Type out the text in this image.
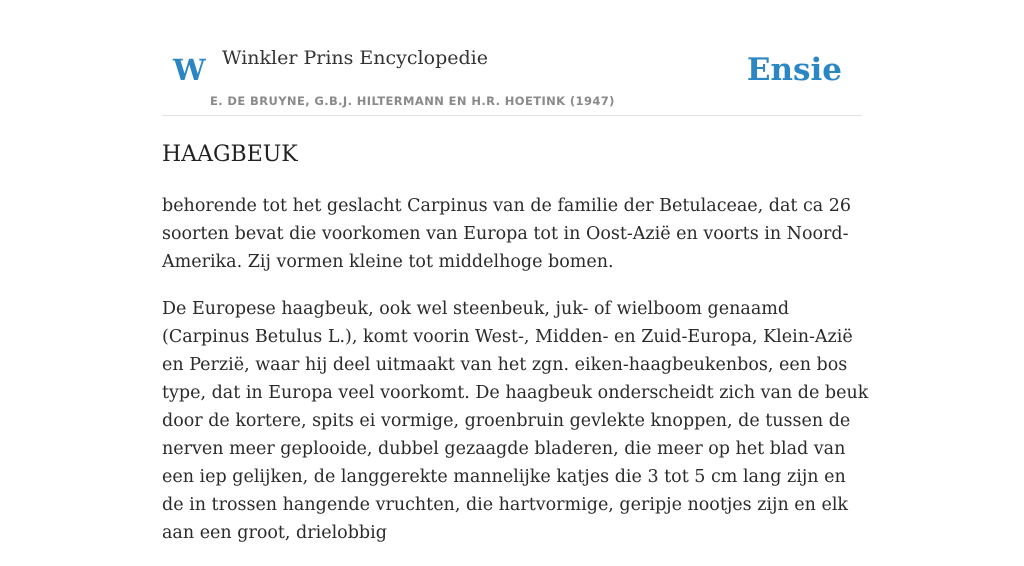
W Winkler Prins Encyclopedie
E. DE BRUYNE, G.B.J. HILTERMANN EN H.R. HOETINK (1947)
Ensie
HAAGBEUK

behorende tot het geslacht Carpinus van de familie der Betulaceae, dat ca 26 soorten bevat die voorkomen van Europa tot in Oost-Azië en voorts in Noord-Amerika. Zij vormen kleine tot middelhoge bomen.

De Europese haagbeuk, ook wel steenbeuk, juk- of wielboom genaamd (Carpinus Betulus L.), komt voorin West-, Midden- en Zuid-Europa, Klein-Azië en Perzië, waar hij deel uitmaakt van het zgn. eiken-haagbeukenbos, een bos type, dat in Europa veel voorkomt. De haagbeuk onderscheidt zich van de beuk door de kortere, spits ei vormige, groenbruin gevlekte knoppen, de tussen de nerven meer geplooide, dubbel gezaagde bladeren, die meer op het blad van een iep gelijken, de langgerekte mannelijke katjes die 3 tot 5 cm lang zijn en de in trossen hangende vruchten, die hartvormige, geripje nootjes zijn en elk aan een groot, drielobbig
